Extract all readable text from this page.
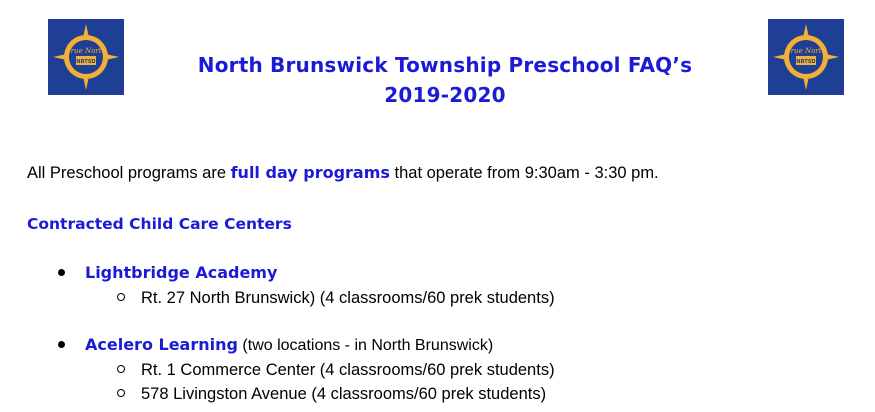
True North
NBTSD
True North
NBTSD
North Brunswick Township Preschool FAQ’s
2019-2020
All Preschool programs are full day programs that operate from 9:30am - 3:30 pm.
Contracted Child Care Centers
Lightbridge Academy
Rt. 27 North Brunswick) (4 classrooms/60 prek students)
Acelero Learning (two locations - in North Brunswick)
Rt. 1 Commerce Center (4 classrooms/60 prek students)
578 Livingston Avenue (4 classrooms/60 prek students)
